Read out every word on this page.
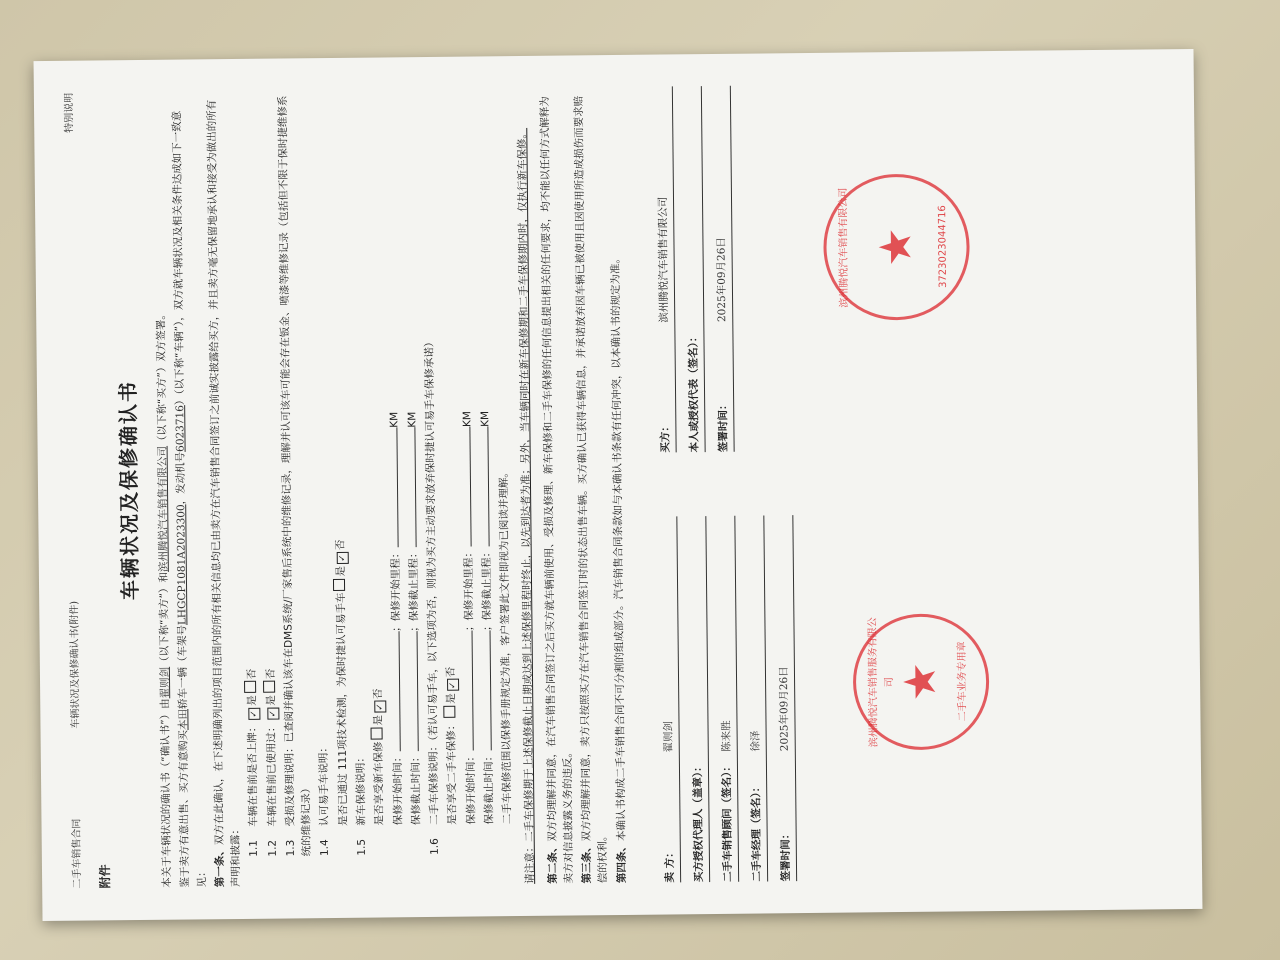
二手车销售合同
车辆状况及保修确认书(附件)
特别说明
附件
车辆状况及保修确认书

本关于车辆状况的确认书（“确认书”）由翟则剑（以下称“卖方”）和滨州腾悦汽车销售有限公司（以下称“买方”）双方签署。

鉴于卖方有意出售、买方有意购买本田轿车一辆（车架号LHGCP1081A2023300，发动机号6023716）（以下称“车辆”），双方就车辆状况及相关条件达成如下一致意见： 第一条、双方在此确认，在下述明确列出的项目范围内的所有相关信息均已由卖方在汽车销售合同签订之前诚实披露给买方，并且卖方毫无保留地承认和接受为做出的所有声明和披露： 1.1车辆在售前是否上牌：✓是否

1.2车辆在售前已使用过：✓是否

1.3受损及修理说明：已查阅并确认该车在DMS系统/厂家售后系统中的维修记录，理解并认可该车可能会存在钣金、喷漆等维修记录（包括但不限于保时捷维修系统的维修记录） 1.4认可易手车说明： 是否已通过 111项技术检测，为保时捷认可易手车是✓否

1.5新车保修说明： 是否享受新车保修是✓否

保修开始时间：；保修开始里程：KM

保修截止时间：；保修截止里程：KM

1.6二手车保修说明：（若认可易手车，以下选项为否，则视为买方主动要求放弃保时捷认可易手车保修承诺） 是否享受二手车保修：是✓否

保修开始时间：；保修开始里程：KM

保修截止时间：；保修截止里程：KM

二手车保修范围以保修手册规定为准，客户签署此文件即视为已阅读并理解。 请注意：二手车保修期于上述保修截止日期或达到上述保修里程时终止，以先到达者为准；另外，当车辆同时在新车保修期和二手车保修期内时，仅执行新车保修。 第二条、双方均理解并同意，在汽车销售合同签订之后买方就车辆前使用、受损及修理、新车保修和二手车保修的任何信息提出相关的任何要求，均不能以任何方式解释为卖方对信息披露义务的违反。 第三条、双方均理解并同意，卖方只按照买方在汽车销售合同签订时的状态出售车辆。买方确认已获得车辆信息，并承诺放弃因车辆已被使用且因使用所造成损伤而要求赔偿的权利。 第四条、本确认书构成二手车销售合同不可分割的组成部分。汽车销售合同条款如与本确认书条款有任何冲突，以本确认书的规定为准。

卖 方：
翟则剑
买方授权代理人（盖章）： 二手车销售顾问（签名）：
陈来胜
二手车经理（签名）：
徐泽
签署时间：
2025年09月26日
买方：
滨州腾悦汽车销售有限公司
本人或授权代表（签名）： 签署时间：
2025年09月26日
滨州腾悦汽车销售服务有限公司 ★ 二手车业务专用章
滨州腾悦汽车销售有限公司 ★ 3723023044716
